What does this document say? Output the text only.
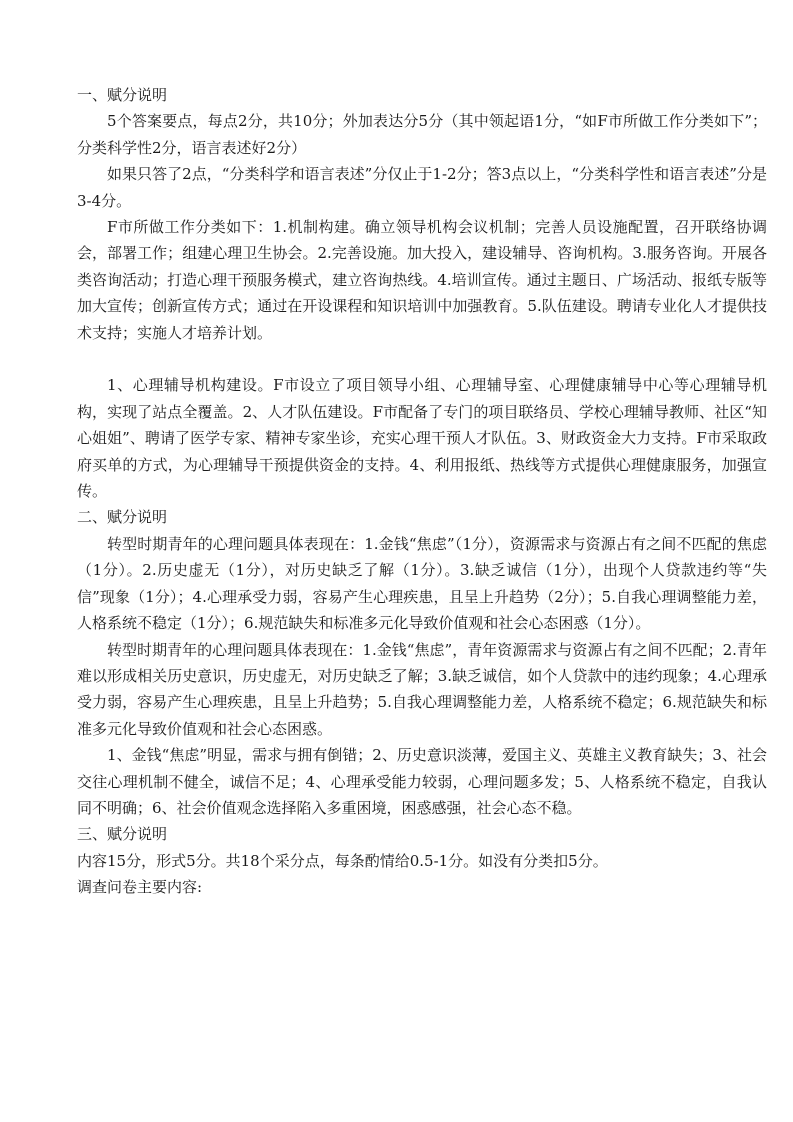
一、赋分说明

5个答案要点，每点2分，共10分；外加表达分5分（其中领起语1分，“如F市所做工作分类如下”；分类科学性2分，语言表述好2分）

如果只答了2点，“分类科学和语言表述”分仅止于1-2分；答3点以上，“分类科学性和语言表述”分是3-4分。

F市所做工作分类如下：1.机制构建。确立领导机构会议机制；完善人员设施配置，召开联络协调会，部署工作；组建心理卫生协会。2.完善设施。加大投入，建设辅导、咨询机构。3.服务咨询。开展各类咨询活动；打造心理干预服务模式，建立咨询热线。4.培训宣传。通过主题日、广场活动、报纸专版等加大宣传；创新宣传方式；通过在开设课程和知识培训中加强教育。5.队伍建设。聘请专业化人才提供技术支持；实施人才培养计划。

1、心理辅导机构建设。F市设立了项目领导小组、心理辅导室、心理健康辅导中心等心理辅导机构，实现了站点全覆盖。2、人才队伍建设。F市配备了专门的项目联络员、学校心理辅导教师、社区“知心姐姐”、聘请了医学专家、精神专家坐诊，充实心理干预人才队伍。3、财政资金大力支持。F市采取政府买单的方式，为心理辅导干预提供资金的支持。4、利用报纸、热线等方式提供心理健康服务，加强宣传。

二、赋分说明

转型时期青年的心理问题具体表现在：1.金钱“焦虑”（1分），资源需求与资源占有之间不匹配的焦虑（1分）。2.历史虚无（1分），对历史缺乏了解（1分）。3.缺乏诚信（1分），出现个人贷款违约等“失信”现象（1分）；4.心理承受力弱，容易产生心理疾患，且呈上升趋势（2分）；5.自我心理调整能力差，人格系统不稳定（1分）；6.规范缺失和标准多元化导致价值观和社会心态困惑（1分）。

转型时期青年的心理问题具体表现在：1.金钱“焦虑”，青年资源需求与资源占有之间不匹配；2.青年难以形成相关历史意识，历史虚无，对历史缺乏了解；3.缺乏诚信，如个人贷款中的违约现象；4.心理承受力弱，容易产生心理疾患，且呈上升趋势；5.自我心理调整能力差，人格系统不稳定；6.规范缺失和标准多元化导致价值观和社会心态困惑。

1、金钱“焦虑”明显，需求与拥有倒错；2、历史意识淡薄，爱国主义、英雄主义教育缺失；3、社会交往心理机制不健全，诚信不足；4、心理承受能力较弱，心理问题多发；5、人格系统不稳定，自我认同不明确；6、社会价值观念选择陷入多重困境，困惑感强，社会心态不稳。

三、赋分说明

内容15分，形式5分。共18个采分点，每条酌情给0.5-1分。如没有分类扣5分。

调查问卷主要内容:
